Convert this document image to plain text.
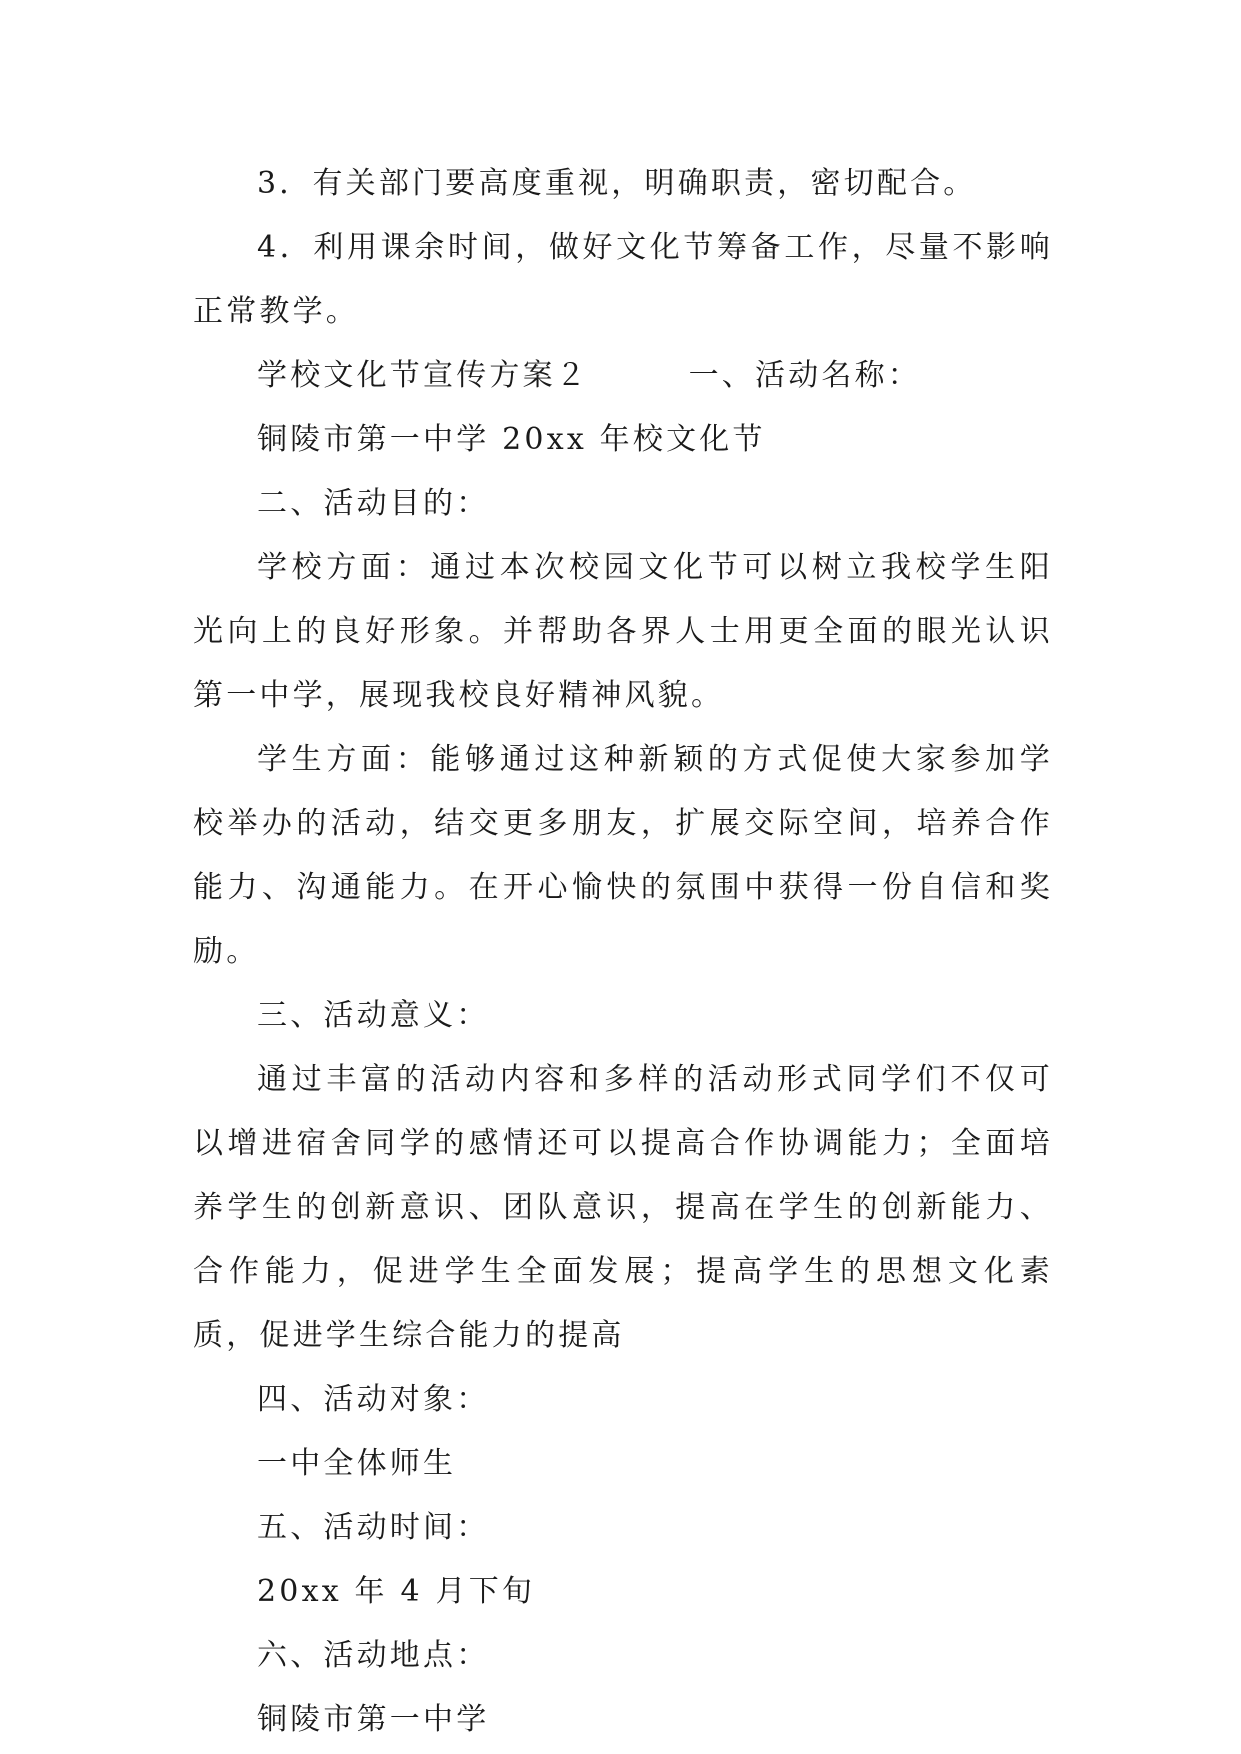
3．有关部门要高度重视，明确职责，密切配合。

4．利用课余时间，做好文化节筹备工作，尽量不影响正常教学。

学校文化节宣传方案２　　　一、活动名称：

铜陵市第一中学 20xx 年校文化节

二、活动目的：

学校方面：通过本次校园文化节可以树立我校学生阳光向上的良好形象。并帮助各界人士用更全面的眼光认识第一中学，展现我校良好精神风貌。

学生方面：能够通过这种新颖的方式促使大家参加学校举办的活动，结交更多朋友，扩展交际空间，培养合作能力、沟通能力。在开心愉快的氛围中获得一份自信和奖励。

三、活动意义：

通过丰富的活动内容和多样的活动形式同学们不仅可以增进宿舍同学的感情还可以提高合作协调能力；全面培养学生的创新意识、团队意识，提高在学生的创新能力、合作能力，促进学生全面发展；提高学生的思想文化素质，促进学生综合能力的提高

四、活动对象：

一中全体师生

五、活动时间：

20xx 年 4 月下旬

六、活动地点：

铜陵市第一中学
